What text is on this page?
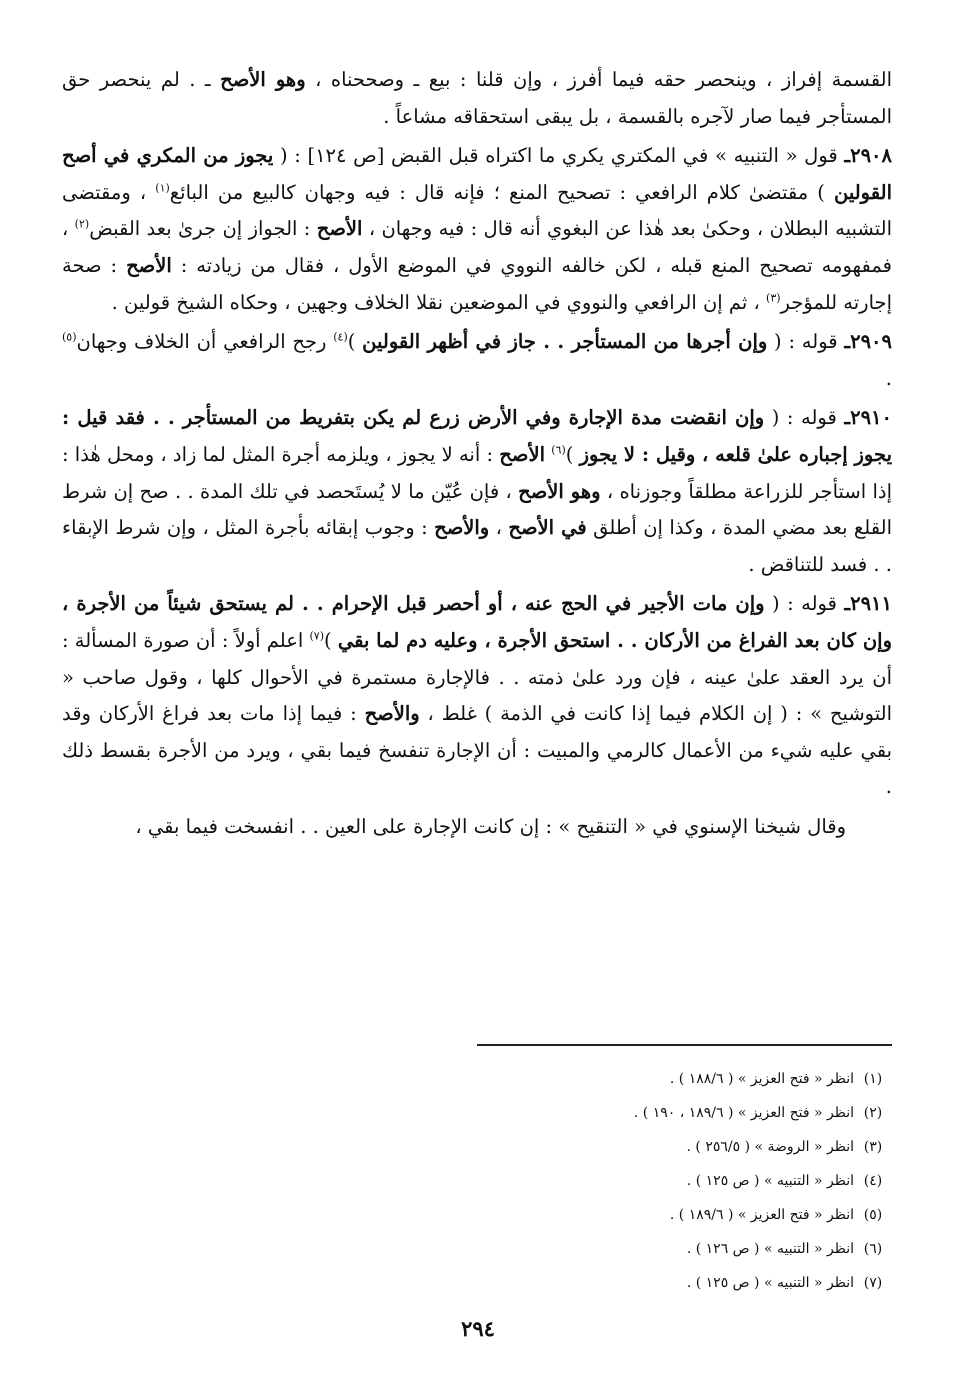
القسمة إفراز ، وينحصر حقه فيما أفرز ، وإن قلنا : بيع ـ وصححناه ، وهو الأصح ـ . لم ينحصر حق المستأجر فيما صار لآجره بالقسمة ، بل يبقى استحقاقه مشاعاً .

٢٩٠٨ـ قول « التنبيه » في المكتري يكري ما اكتراه قبل القبض [ص ١٢٤] : ( يجوز من المكري في أصح القولين ) مقتضىٰ كلام الرافعي : تصحيح المنع ؛ فإنه قال : فيه وجهان كالبيع من البائع$^{(١)}$ ، ومقتضى التشبيه البطلان ، وحكىٰ بعد هٰذا عن البغوي أنه قال : فيه وجهان ، الأصح : الجواز إن جرىٰ بعد القبض$^{(٢)}$ ، فمفهومه تصحيح المنع قبله ، لكن خالفه النووي في الموضع الأول ، فقال من زيادته : الأصح : صحة إجارته للمؤجر$^{(٣)}$ ، ثم إن الرافعي والنووي في الموضعين نقلا الخلاف وجهين ، وحكاه الشيخ قولين .

٢٩٠٩ـ قوله : ( وإن أجرها من المستأجر . . جاز في أظهر القولين )$^{(٤)}$ رجح الرافعي أن الخلاف وجهان$^{(٥)}$ .

٢٩١٠ـ قوله : ( وإن انقضت مدة الإجارة وفي الأرض زرع لم يكن بتفريط من المستأجر . . فقد قيل : يجوز إجباره علىٰ قلعه ، وقيل : لا يجوز )$^{(٦)}$ الأصح : أنه لا يجوز ، ويلزمه أجرة المثل لما زاد ، ومحل هٰذا : إذا استأجر للزراعة مطلقاً وجوزناه ، وهو الأصح ، فإن عُيّن ما لا يُستَحصد في تلك المدة . . صح إن شرط القلع بعد مضي المدة ، وكذا إن أطلق في الأصح ، والأصح : وجوب إبقائه بأجرة المثل ، وإن شرط الإبقاء . . فسد للتناقض .

٢٩١١ـ قوله : ( وإن مات الأجير في الحج عنه ، أو أحصر قبل الإحرام . . لم يستحق شيئاً من الأجرة ، وإن كان بعد الفراغ من الأركان . . استحق الأجرة ، وعليه دم لما بقي )$^{(٧)}$ اعلم أولاً : أن صورة المسألة : أن يرد العقد علىٰ عينه ، فإن ورد علىٰ ذمته . . فالإجارة مستمرة في الأحوال كلها ، وقول صاحب « التوشيح » : ( إن الكلام فيما إذا كانت في الذمة ) غلط ، والأصح : فيما إذا مات بعد فراغ الأركان وقد بقي عليه شيء من الأعمال كالرمي والمبيت : أن الإجارة تنفسخ فيما بقي ، ويرد من الأجرة بقسط ذلك .

وقال شيخنا الإسنوي في « التنقيح » : إن كانت الإجارة على العين . . انفسخت فيما بقي ،

(١)انظر « فتح العزيز » ( ١٨٨/٦ ) .
(٢)انظر « فتح العزيز » ( ١٨٩/٦ ، ١٩٠ ) .
(٣)انظر « الروضة » ( ٢٥٦/٥ ) .
(٤)انظر « التنبيه » ( ص ١٢٥ ) .
(٥)انظر « فتح العزيز » ( ١٨٩/٦ ) .
(٦)انظر « التنبيه » ( ص ١٢٦ ) .
(٧)انظر « التنبيه » ( ص ١٢٥ ) .
٢٩٤
